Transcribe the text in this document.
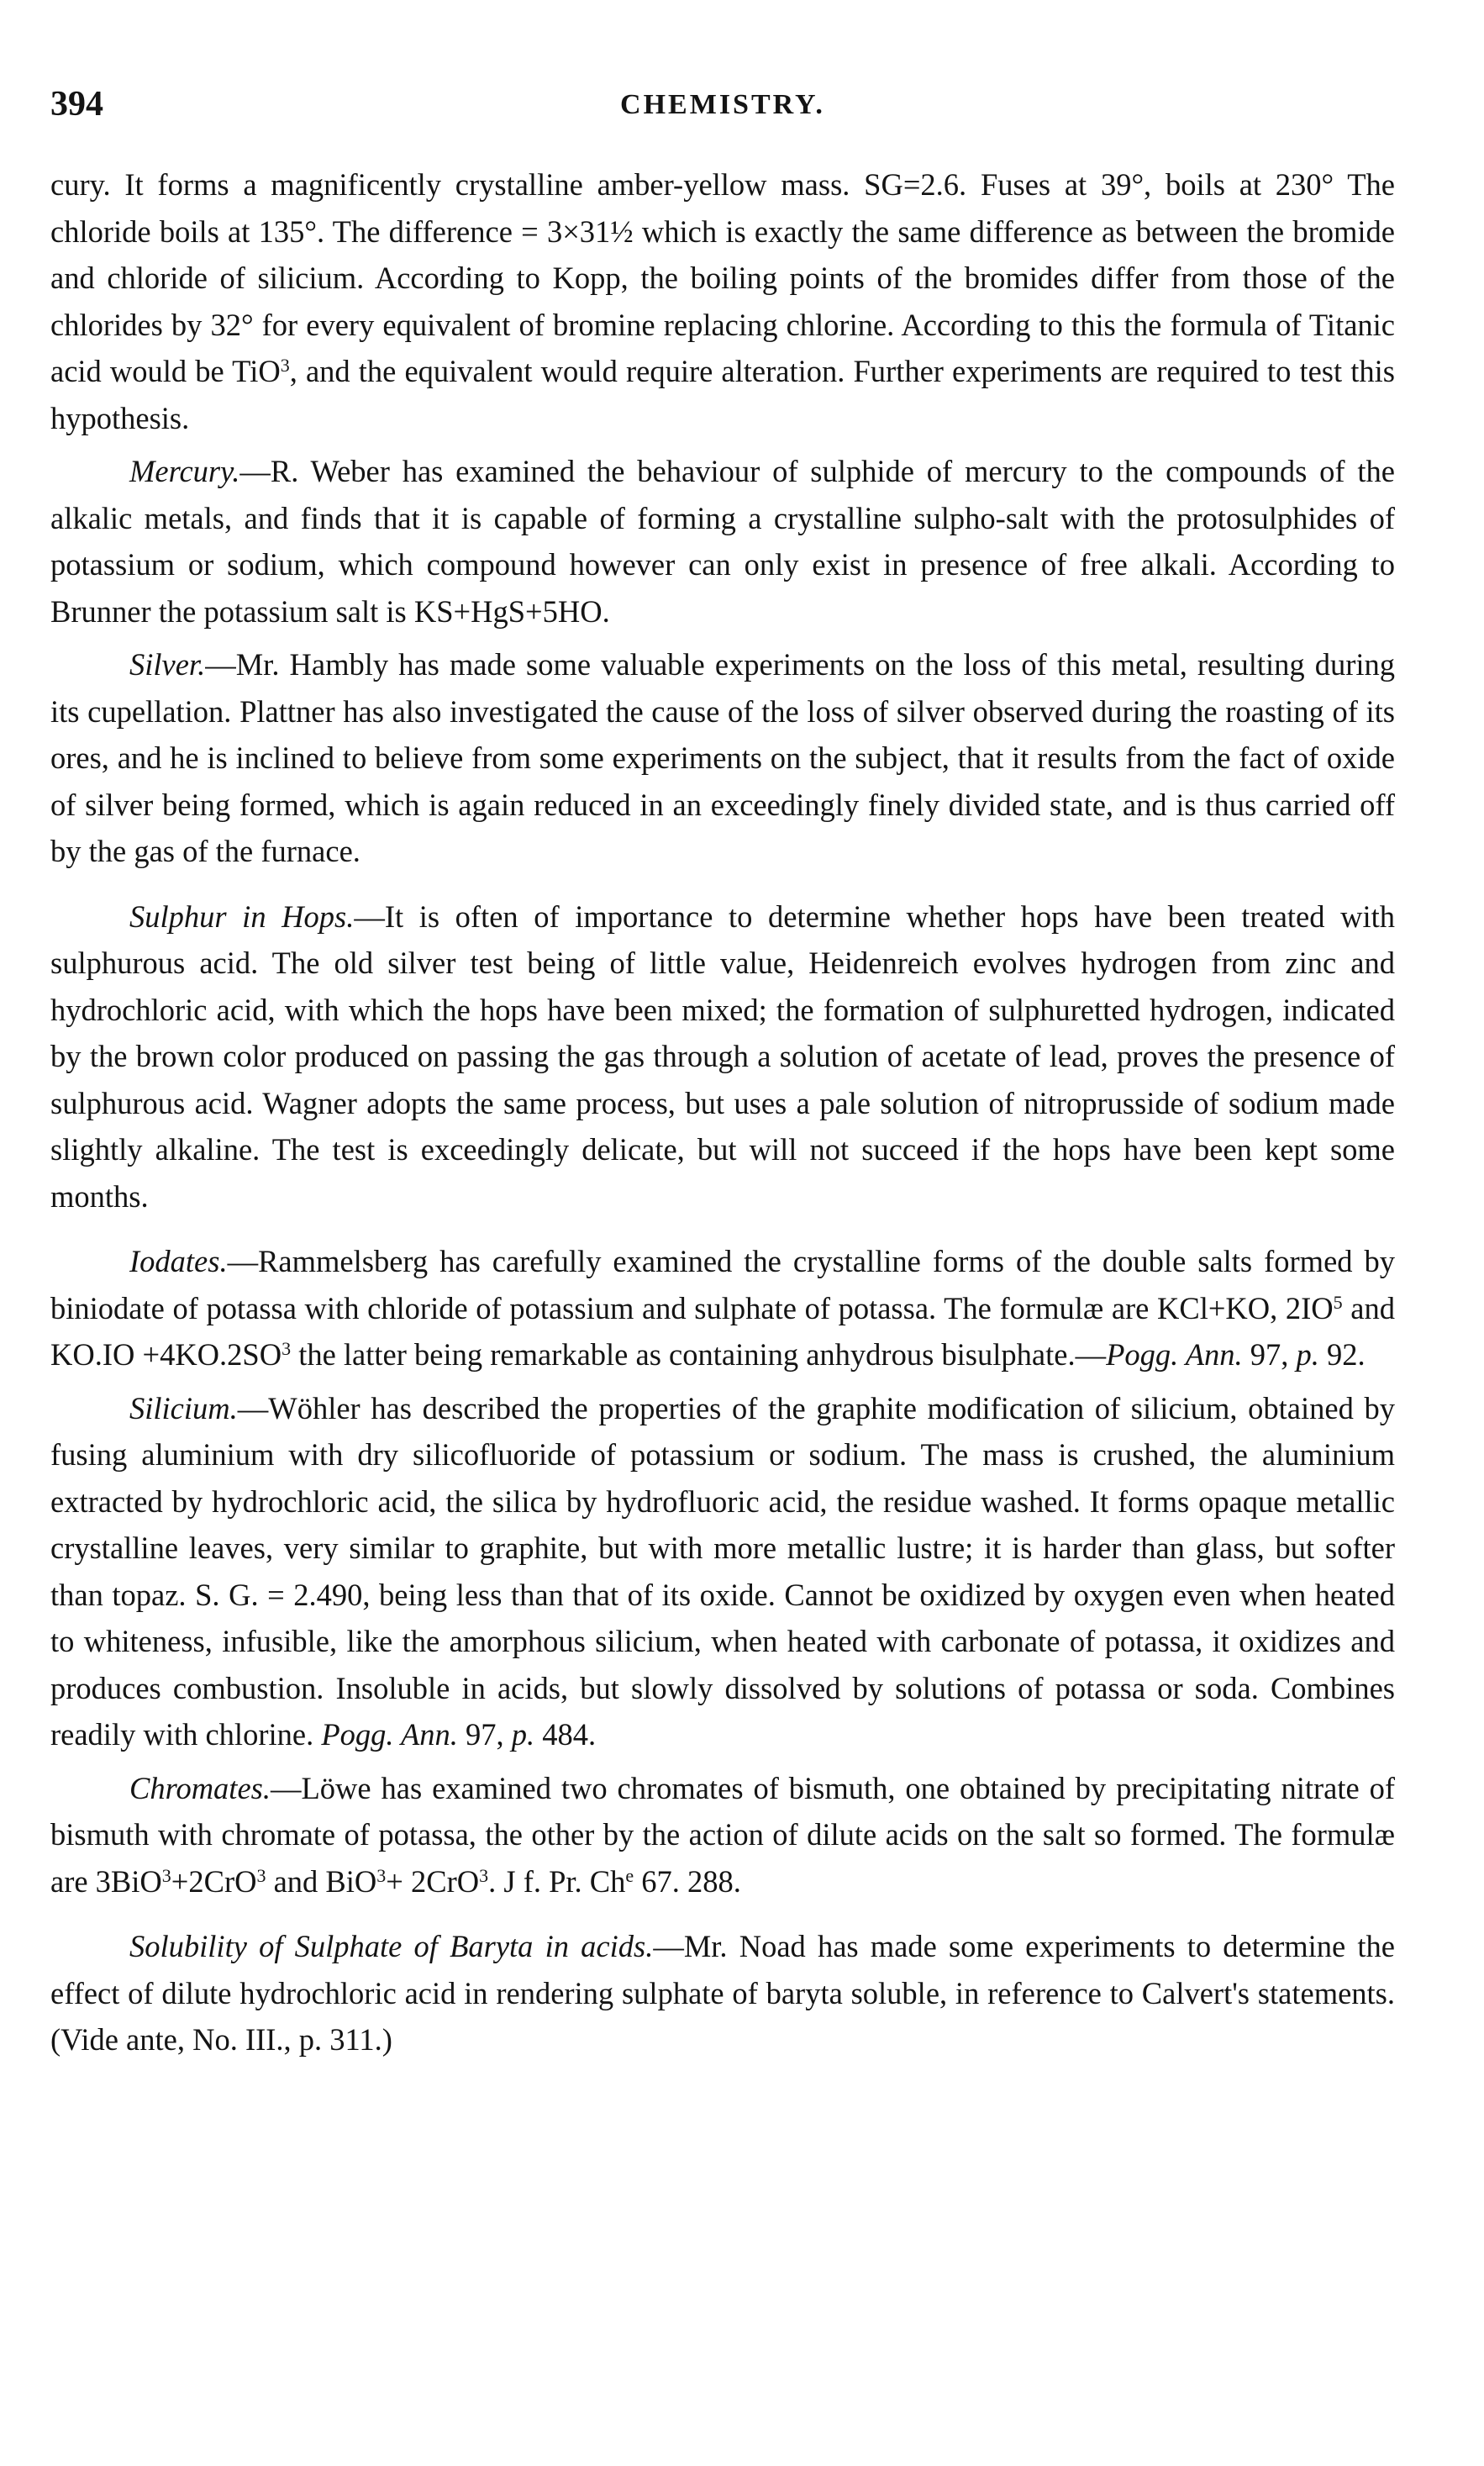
394	CHEMISTRY.

cury. It forms a magnificently crystalline amber-yellow mass. SG=2.6. Fuses at 39°, boils at 230° The chloride boils at 135°. The difference = 3×31½ which is exactly the same difference as between the bromide and chloride of silicium. According to Kopp, the boiling points of the bromides differ from those of the chlorides by 32° for every equivalent of bromine replacing chlorine. According to this the formula of Titanic acid would be TiO$^3$, and the equivalent would require alteration. Further experiments are required to test this hypothesis.

Mercury.—R. Weber has examined the behaviour of sulphide of mercury to the compounds of the alkalic metals, and finds that it is capable of forming a crystalline sulpho-salt with the protosulphides of potassium or sodium, which compound however can only exist in presence of free alkali. According to Brunner the potassium salt is KS+HgS+5HO.

Silver.—Mr. Hambly has made some valuable experiments on the loss of this metal, resulting during its cupellation. Plattner has also investigated the cause of the loss of silver observed during the roasting of its ores, and he is inclined to believe from some experiments on the subject, that it results from the fact of oxide of silver being formed, which is again reduced in an exceedingly finely divided state, and is thus carried off by the gas of the furnace.

Sulphur in Hops.—It is often of importance to determine whether hops have been treated with sulphurous acid. The old silver test being of little value, Heidenreich evolves hydrogen from zinc and hydrochloric acid, with which the hops have been mixed; the formation of sulphuretted hydrogen, indicated by the brown color produced on passing the gas through a solution of acetate of lead, proves the presence of sulphurous acid. Wagner adopts the same process, but uses a pale solution of nitroprusside of sodium made slightly alkaline. The test is exceedingly delicate, but will not succeed if the hops have been kept some months.

Iodates.—Rammelsberg has carefully examined the crystalline forms of the double salts formed by biniodate of potassa with chloride of potassium and sulphate of potassa. The formulæ are KCl+KO, $2IO^5$ and $KO.IO +4KO.2SO^3$ the latter being remarkable as containing anhydrous bisulphate.—Pogg. Ann. 97, p. 92.

Silicium.—Wöhler has described the properties of the graphite modification of silicium, obtained by fusing aluminium with dry silicofluoride of potassium or sodium. The mass is crushed, the aluminium extracted by hydrochloric acid, the silica by hydrofluoric acid, the residue washed. It forms opaque metallic crystalline leaves, very similar to graphite, but with more metallic lustre; it is harder than glass, but softer than topaz. S. G. = 2.490, being less than that of its oxide. Cannot be oxidized by oxygen even when heated to whiteness, infusible, like the amorphous silicium, when heated with carbonate of potassa, it oxidizes and produces combustion. Insoluble in acids, but slowly dissolved by solutions of potassa or soda. Combines readily with chlorine. Pogg. Ann. 97, p. 484.

Chromates.—Löwe has examined two chromates of bismuth, one obtained by precipitating nitrate of bismuth with chromate of potassa, the other by the action of dilute acids on the salt so formed. The formulæ are 3BiO$^3$+2CrO$^3$ and BiO$^3$+ 2CrO$^3$. J f. Pr. Ch$^e$ 67. 288.

Solubility of Sulphate of Baryta in acids.—Mr. Noad has made some experiments to determine the effect of dilute hydrochloric acid in rendering sulphate of baryta soluble, in reference to Calvert's statements. (Vide ante, No. III., p. 311.)
